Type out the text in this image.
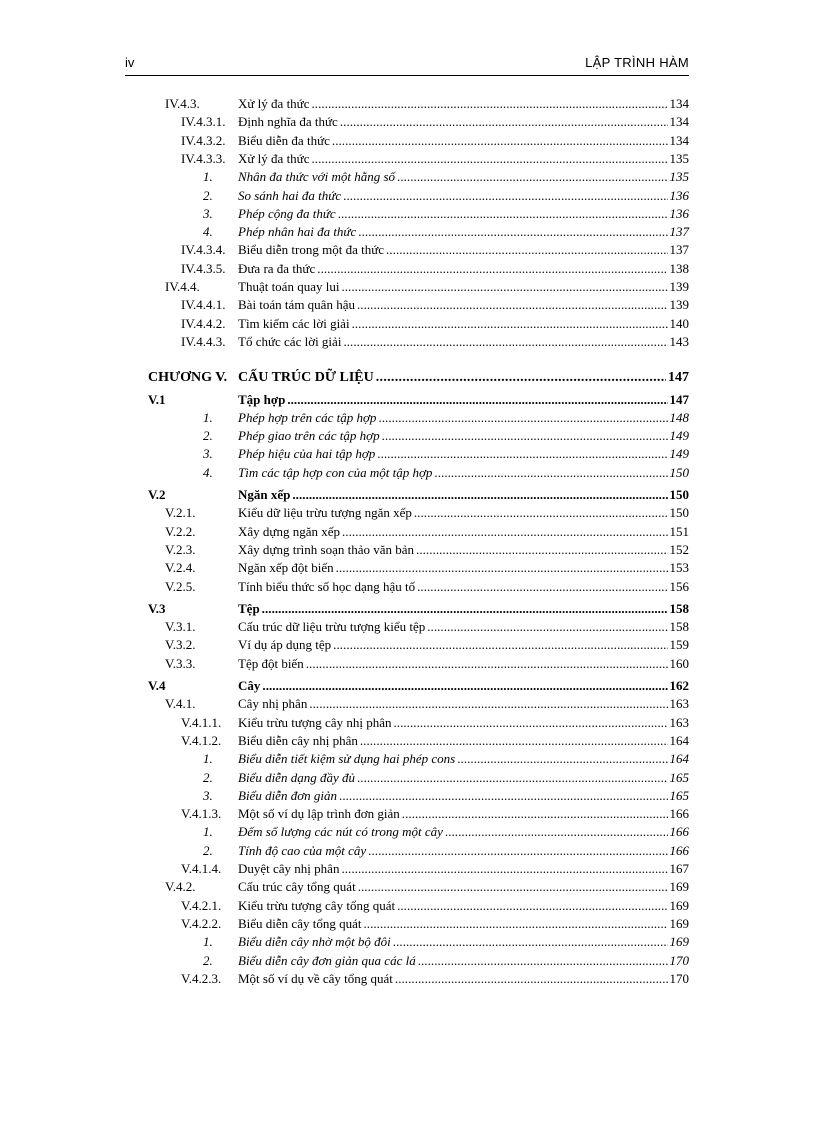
iv	LẬP TRÌNH HÀM
IV.4.3.	Xử lý đa thức . . .	134
IV.4.3.1. Định nghĩa đa thức . . .	134
IV.4.3.2. Biểu diễn đa thức . . .	134
IV.4.3.3. Xử lý đa thức . . .	135
1.	Nhân đa thức với một hằng số . . .	135
2.	So sánh hai đa thức . . .	136
3.	Phép cộng đa thức . . .	136
4.	Phép nhân hai đa thức . . .	137
IV.4.3.4. Biểu diễn trong một đa thức . . .	137
IV.4.3.5. Đưa ra đa thức . . .	138
IV.4.4.	Thuật toán quay lui . . .	139
IV.4.4.1. Bài toán tám quân hậu . . .	139
IV.4.4.2. Tìm kiếm các lời giải . . .	140
IV.4.4.3. Tổ chức các lời giải . . .	143
CHƯƠNG V. CẤU TRÚC DỮ LIỆU . . .	147
V.1	Tập hợp . . .	147
1.	Phép hợp trên các tập hợp . . .	148
2.	Phép giao trên các tập hợp . . .	149
3.	Phép hiệu của hai tập hợp . . .	149
4.	Tìm các tập hợp con của một tập hợp . . .	150
V.2	Ngăn xếp . . .	150
V.2.1.	Kiểu dữ liệu trừu tượng ngăn xếp . . .	150
V.2.2.	Xây dựng ngăn xếp . . .	151
V.2.3.	Xây dựng trình soạn thảo văn bản . . .	152
V.2.4.	Ngăn xếp đột biến . . .	153
V.2.5.	Tính biểu thức số học dạng hậu tố . . .	156
V.3	Tệp . . .	158
V.3.1.	Cấu trúc dữ liệu trừu tượng kiểu tệp . . .	158
V.3.2.	Ví dụ áp dụng tệp . . .	159
V.3.3.	Tệp đột biến . . .	160
V.4	Cây . . .	162
V.4.1.	Cây nhị phân . . .	163
V.4.1.1.	Kiểu trừu tượng cây nhị phân . . .	163
V.4.1.2.	Biểu diễn cây nhị phân . . .	164
1.	Biểu diễn tiết kiệm sử dụng hai phép cons . . .	164
2.	Biểu diễn dạng đầy đủ . . .	165
3.	Biểu diễn đơn giản . . .	165
V.4.1.3.	Một số ví dụ lập trình đơn giản . . .	166
1.	Đếm số lượng các nút có trong một cây . . .	166
2.	Tính độ cao của một cây . . .	166
V.4.1.4.	Duyệt cây nhị phân . . .	167
V.4.2.	Cấu trúc cây tổng quát . . .	169
V.4.2.1.	Kiểu trừu tượng cây tổng quát . . .	169
V.4.2.2.	Biểu diễn cây tổng quát . . .	169
1.	Biểu diễn cây nhờ một bộ đôi . . .	169
2.	Biểu diễn cây đơn giản qua các lá . . .	170
V.4.2.3.	Một số ví dụ về cây tổng quát . . .	170
